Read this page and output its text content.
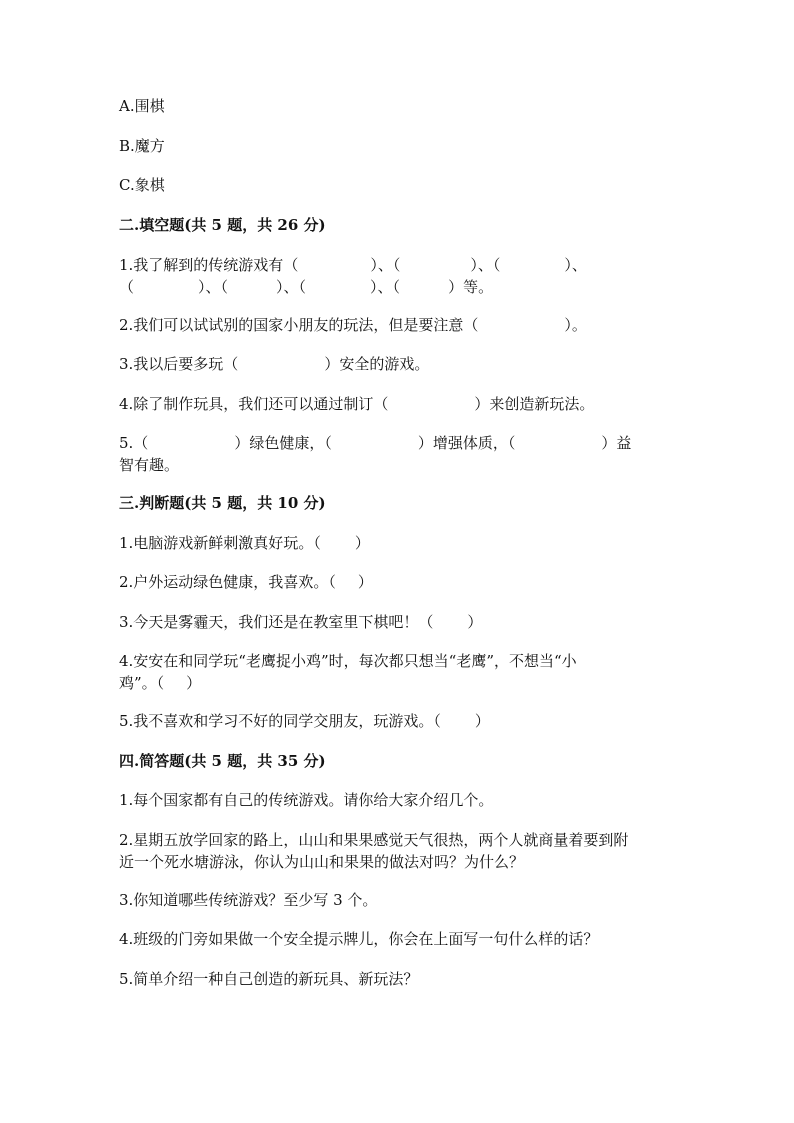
A.围棋
B.魔方
C.象棋
二.填空题(共 5 题，共 26 分)
1.我了解到的传统游戏有（	）、（	）、（	）、
（	）、（	）、（	）、（	）等。
2.我们可以试试别的国家小朋友的玩法，但是要注意（	）。
3.我以后要多玩（	）安全的游戏。
4.除了制作玩具，我们还可以通过制订（	）来创造新玩法。
5.（	）绿色健康，（	）增强体质，（	）益
智有趣。
三.判断题(共 5 题，共 10 分)
1.电脑游戏新鲜刺激真好玩。（ ）
2.户外运动绿色健康，我喜欢。（ ）
3.今天是雾霾天，我们还是在教室里下棋吧！（ ）
4.安安在和同学玩“老鹰捉小鸡”时，每次都只想当“老鹰”，不想当“小
鸡”。（ ）
5.我不喜欢和学习不好的同学交朋友，玩游戏。（ ）
四.简答题(共 5 题，共 35 分)
1.每个国家都有自己的传统游戏。请你给大家介绍几个。
2.星期五放学回家的路上，山山和果果感觉天气很热，两个人就商量着要到附
近一个死水塘游泳，你认为山山和果果的做法对吗？为什么？
3.你知道哪些传统游戏？至少写 3 个。
4.班级的门旁如果做一个安全提示牌儿，你会在上面写一句什么样的话？
5.简单介绍一种自己创造的新玩具、新玩法？
